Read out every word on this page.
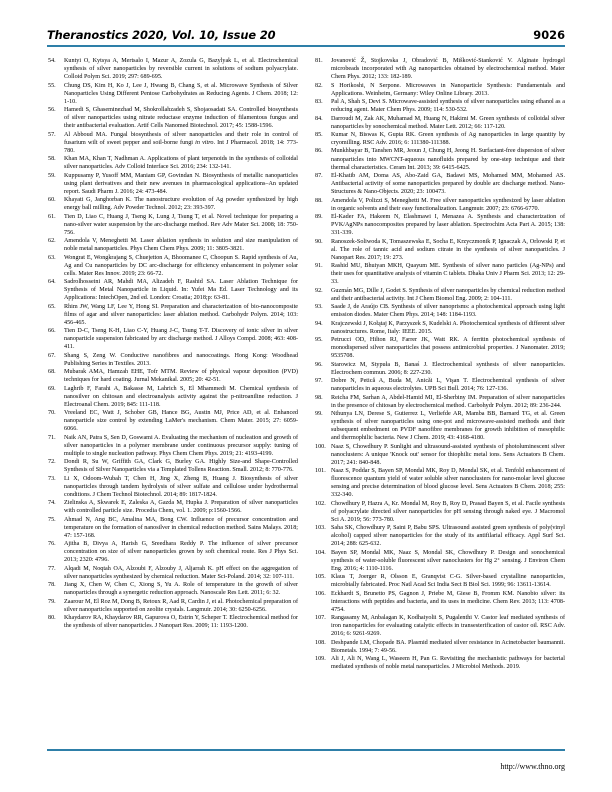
Theranostics 2020, Vol. 10, Issue 20	9026
54.	Kuntyi O, Kytsya A, Mertsalo I, Mazur A, Zozula G, Bazylyak L, et al. Electrochemical synthesis of silver nanoparticles by reversible current in solutions of sodium polyacrylate. Colloid Polym Sci. 2019; 297: 689-695.
55.	Chung DS, Kim H, Ko J, Lee J, Hwang B, Chang S, et al. Microwave Synthesis of Silver Nanoparticles Using Different Pentose Carbohydrates as Reducing Agents. J Chem. 2018; 12: 1-10.
56.	Hamedi S, Ghaseminezhad M, Shokrollahzadeh S, Shojaosadati SA. Controlled biosynthesis of silver nanoparticles using nitrate reductase enzyme induction of filamentous fungus and their antibacterial evaluation. Artif Cells Nanomed Biotechnol. 2017; 45: 1588-1596.
57.	Al Abboud MA. Fungal biosynthesis of silver nanoparticles and their role in control of fusarium wilt of sweet pepper and soil-borne fungi in vitro. Int J Pharmacol. 2018; 14: 773-780.
58.	Khan MA, Khan T, Nadhman A. Applications of plant terpenoids in the synthesis of colloidal silver nanoparticles. Adv Colloid Interface Sci. 2016; 234: 132-141.
59.	Kuppusamy P, Yusoff MM, Maniam GP, Govindan N. Biosynthesis of metallic nanoparticles using plant derivatives and their new avenues in pharmacological applications–An updated report. Saudi Pharm J. 2016; 24: 473-484.
60.	Khayati G, Janghorban K. The nanostructure evolution of Ag powder synthesized by high energy ball milling. Adv Powder Technol. 2012; 23: 393-397.
61.	Tien D, Liao C, Huang J, Tseng K, Lung J, Tsung T, et al. Novel technique for preparing a nano-silver water suspension by the arc-discharge method. Rev Adv Mater Sci. 2008; 18: 750-756.
62.	Amendola V, Meneghetti M. Laser ablation synthesis in solution and size manipulation of noble metal nanoparticles. Phys Chem Chem Phys. 2009; 11: 3805-3821.
63.	Wongrat E, Wongkrajang S, Chuejetton A, Bhoomanee C, Choopun S. Rapid synthesis of Au, Ag and Cu nanoparticles by DC arc-discharge for efficiency enhancement in polymer solar cells. Mater Res Innov. 2019; 23: 66-72.
64.	Sadrolhosseini AR, Mahdi MA, Alizadeh F, Rashid SA. Laser Ablation Technique for Synthesis of Metal Nanoparticle in Liquid. In: Yufei Ma Ed. Laser Technology and its Applications: IntechOpen, 2nd ed. London: Croatia; 2018;p: 63-81.
65.	Rhim JW, Wang LF, Lee Y, Hong SI. Preparation and characterization of bio-nanocomposite films of agar and silver nanoparticles: laser ablation method. Carbohydr Polym. 2014; 103: 456-465.
66.	Tien D-C, Tseng K-H, Liao C-Y, Huang J-C, Tsung T-T. Discovery of ionic silver in silver nanoparticle suspension fabricated by arc discharge method. J Alloys Compd. 2008; 463: 408-411.
67.	Shang S, Zeng W. Conductive nanofibres and nanocoatings. Hong Kong: Woodhead Publishing Series in Textiles. 2013.
68.	Mubarak AMA, Hamzah EHE, Tofr MTM. Review of physical vapour deposition (PVD) techniques for hard coating. Jurnal Mekanikal. 2005; 20: 42-51.
69.	Laghrib F, Farahi A, Bakasse M, Lahrich S, El Mhammedi M. Chemical synthesis of nanosilver on chitosan and electroanalysis activity against the p-nitroaniline reduction. J Electroanal Chem. 2019; 845: 111-118.
70.	Vreeland EC, Watt J, Schober GB, Hance BG, Austin MJ, Price AD, et al. Enhanced nanoparticle size control by extending LaMer's mechanism. Chem Mater. 2015; 27: 6059-6066.
71.	Naik AN, Patra S, Sen D, Goswami A. Evaluating the mechanism of nucleation and growth of silver nanoparticles in a polymer membrane under continuous precursor supply: tuning of multiple to single nucleation pathway. Phys Chem Chem Phys. 2019; 21: 4193-4199.
72.	Dondi R, Su W, Griffith GA, Clark G, Burley GA. Highly Size-and Shape-Controlled Synthesis of Silver Nanoparticles via a Templated Tollens Reaction. Small. 2012; 8: 770-776.
73.	Li X, Odoom-Wubah T, Chen H, Jing X, Zheng B, Huang J. Biosynthesis of silver nanoparticles through tandem hydrolysis of silver sulfate and cellulose under hydrothermal conditions. J Chem Technol Biotechnol. 2014; 89: 1817-1824.
74.	Zielinska A, Skwarek E, Zaleska A, Gazda M, Hupka J. Preparation of silver nanoparticles with controlled particle size. Procedia Chem, vol. 1. 2009; p:1560-1566.
75.	Ahmad N, Ang BC, Amalina MA, Bong CW. Influence of precursor concentration and temperature on the formation of nanosilver in chemical reduction method. Sains Malays. 2018; 47: 157-168.
76.	Ajitha B, Divya A, Harish G, Sreedhara Reddy P. The influence of silver precursor concentration on size of silver nanoparticles grown by soft chemical route. Res J Phys Sci. 2013; 2320: 4796.
77.	Alqadi M, Noqtah OA, Alzoubi F, Alzouby J, Aljarrah K. pH effect on the aggregation of silver nanoparticles synthesized by chemical reduction. Mater Sci-Poland. 2014; 32: 107-111.
78.	Jiang X, Chen W, Chen C, Xiong S, Yu A. Role of temperature in the growth of silver nanoparticles through a synergetic reduction approach. Nanoscale Res Lett. 2011; 6: 32.
79.	Zaarour M, El Roz M, Dong B, Retoux R, Aad R, Cardin J, et al. Photochemical preparation of silver nanoparticles supported on zeolite crystals. Langmuir. 2014; 30: 6250-6256.
80.	Khaydarov RA, Khaydarov RR, Gapurova O, Estrin Y, Scheper T. Electrochemical method for the synthesis of silver nanoparticles. J Nanopart Res. 2009; 11: 1193-1200.
81.	Jovanović Ž, Stojkovska J, Obradović B, Mišković-Stanković V. Alginate hydrogel microbeads incorporated with Ag nanoparticles obtained by electrochemical method. Mater Chem Phys. 2012; 133: 182-189.
82.	S Horikoshi, N Serpone. Microwaves in Nanoparticle Synthesis: Fundamentals and Applications. Weinheim, Germany: Wiley Online Library. 2013.
83.	Pal A, Shah S, Devi S. Microwave-assisted synthesis of silver nanoparticles using ethanol as a reducing agent. Mater Chem Phys. 2009; 114: 530-532.
84.	Darroudi M, Zak AK, Muhamad M, Huang N, Hakimi M. Green synthesis of colloidal silver nanoparticles by sonochemical method. Mater Lett. 2012; 66: 117-120.
85.	Kumar N, Biswas K, Gupta RK. Green synthesis of Ag nanoparticles in large quantity by cryomilling. RSC Adv. 2016; 6: 111380-111388.
86.	Munkhbayar B, Tanshen MR, Jeoun J, Chung H, Jeong H. Surfactant-free dispersion of silver nanoparticles into MWCNT-aqueous nanofluids prepared by one-step technique and their thermal characteristics. Ceram Int. 2013; 39: 6415-6425.
87.	El-Khatib AM, Doma AS, Abo-Zaid GA, Badawi MS, Mohamed MM, Mohamed AS. Antibacterial activity of some nanoparticles prepared by double arc discharge method. Nano-Structures & Nano-Objects. 2020; 23: 100473.
88.	Amendola V, Polizzi S, Meneghetti M. Free silver nanoparticles synthesized by laser ablation in organic solvents and their easy functionalization. Langmuir. 2007; 23: 6766-6770.
89.	El-Kader FA, Hakeem N, Elashmawi I, Menazea A. Synthesis and characterization of PVK/AgNPs nanocomposites prepared by laser ablation. Spectrochim Acta Part A. 2015; 138: 331-339.
90.	Ranoszek-Soliwoda K, Tomaszewska E, Socha E, Krzyczmonik P, Ignaczak A, Orlowski P, et al. The role of tannic acid and sodium citrate in the synthesis of silver nanoparticles. J Nanopart Res. 2017; 19: 273.
91.	Rashid MU, Bhuiyan MKH, Quayum ME. Synthesis of silver nano particles (Ag-NPs) and their uses for quantitative analysis of vitamin C tablets. Dhaka Univ J Pharm Sci. 2013; 12: 29-33.
92.	Guzmán MG, Dille J, Godet S. Synthesis of silver nanoparticles by chemical reduction method and their antibacterial activity. Int J Chem Biomol Eng. 2009; 2: 104-111.
93.	Saade J, de Araújo CB. Synthesis of silver nanoprisms: a photochemical approach using light emission diodes. Mater Chem Phys. 2014; 148: 1184-1193.
94.	Krajczewski J, Kołątaj K, Parzyszek S, Kudelski A. Photochemical synthesis of different silver nanostructures. Rome, Italy: IEEE. 2015.
95.	Petrucci OD, Hilton RJ, Farrer JK, Watt RK. A ferritin photochemical synthesis of monodispersed silver nanoparticles that possess antimicrobial properties. J Nanomater. 2019; 9535708.
96.	Starowicz M, Stypuła B, Banaś J. Electrochemical synthesis of silver nanoparticles. Electrochem commun. 2006; 8: 227-230.
97.	Dobre N, Petică A, Buda M, Anicăi L, Vişan T. Electrochemical synthesis of silver nanoparticles in aqueous electrolytes. UPB Sci Bull. 2014; 76: 127-136.
98.	Reicha FM, Sarhan A, Abdel-Hamid MI, El-Sherbiny IM. Preparation of silver nanoparticles in the presence of chitosan by electrochemical method. Carbohydr Polym. 2012; 89: 236-244.
99.	Nthunya LN, Derese S, Gutierrez L, Verliefde AR, Mamba BB, Barnard TG, et al. Green synthesis of silver nanoparticles using one-pot and microwave-assisted methods and their subsequent embedment on PVDF nanofibre membranes for growth inhibition of mesophilic and thermophilic bacteria. New J Chem. 2019; 43: 4168-4180.
100. Naaz S, Chowdhury P. Sunlight and ultrasound-assisted synthesis of photoluminescent silver nanoclusters: A unique 'Knock out' sensor for thiophilic metal ions. Sens Actuators B Chem. 2017; 241: 840-848.
101. Naaz S, Poddar S, Bayen SP, Mondal MK, Roy D, Mondal SK, et al. Tenfold enhancement of fluorescence quantum yield of water soluble silver nanoclusters for nano-molar level glucose sensing and precise determination of blood glucose level. Sens Actuators B Chem. 2018; 255: 332-340.
102. Chowdhury P, Hazra A, Kr. Mondal M, Roy B, Roy D, Prasad Bayen S, et al. Facile synthesis of polyacrylate directed silver nanoparticles for pH sensing through naked eye. J Macromol Sci A. 2019; 56: 773-780.
103. Saha SK, Chowdhury P, Saini P, Babu SPS. Ultrasound assisted green synthesis of poly(vinyl alcohol) capped silver nanoparticles for the study of its antifilarial efficacy. Appl Surf Sci. 2014; 288: 625-632.
104. Bayen SP, Mondal MK, Naaz S, Mondal SK, Chowdhury P. Design and sonochemical synthesis of water-soluble fluorescent silver nanoclusters for Hg 2⁺ sensing. J Environ Chem Eng. 2016; 4: 1110-1116.
105. Klaus T, Joerger R, Olsson E, Granqvist C-G. Silver-based crystalline nanoparticles, microbially fabricated. Proc Natl Acad Sci India Sect B Biol Sci. 1999; 96: 13611-13614.
106. Eckhardt S, Brunetto PS, Gagnon J, Priebe M, Giese B, Fromm KM. Nanobio silver: its interactions with peptides and bacteria, and its uses in medicine. Chem Rev. 2013; 113: 4708-4754.
107. Rangasamy M, Anbalagan K, Kodhaiyolii S, Pugalenthi V. Castor leaf mediated synthesis of iron nanoparticles for evaluating catalytic effects in transesterification of castor oil. RSC Adv. 2016; 6: 9261-9269.
108. Deshpande LM, Chopade BA. Plasmid mediated silver resistance in Acinetobacter baumannii. Biometals. 1994; 7: 49-56.
109. Ali J, Ali N, Wang L, Waseem H, Pan G. Revisiting the mechanistic pathways for bacterial mediated synthesis of noble metal nanoparticles. J Microbiol Methods. 2019.
http://www.thno.org
